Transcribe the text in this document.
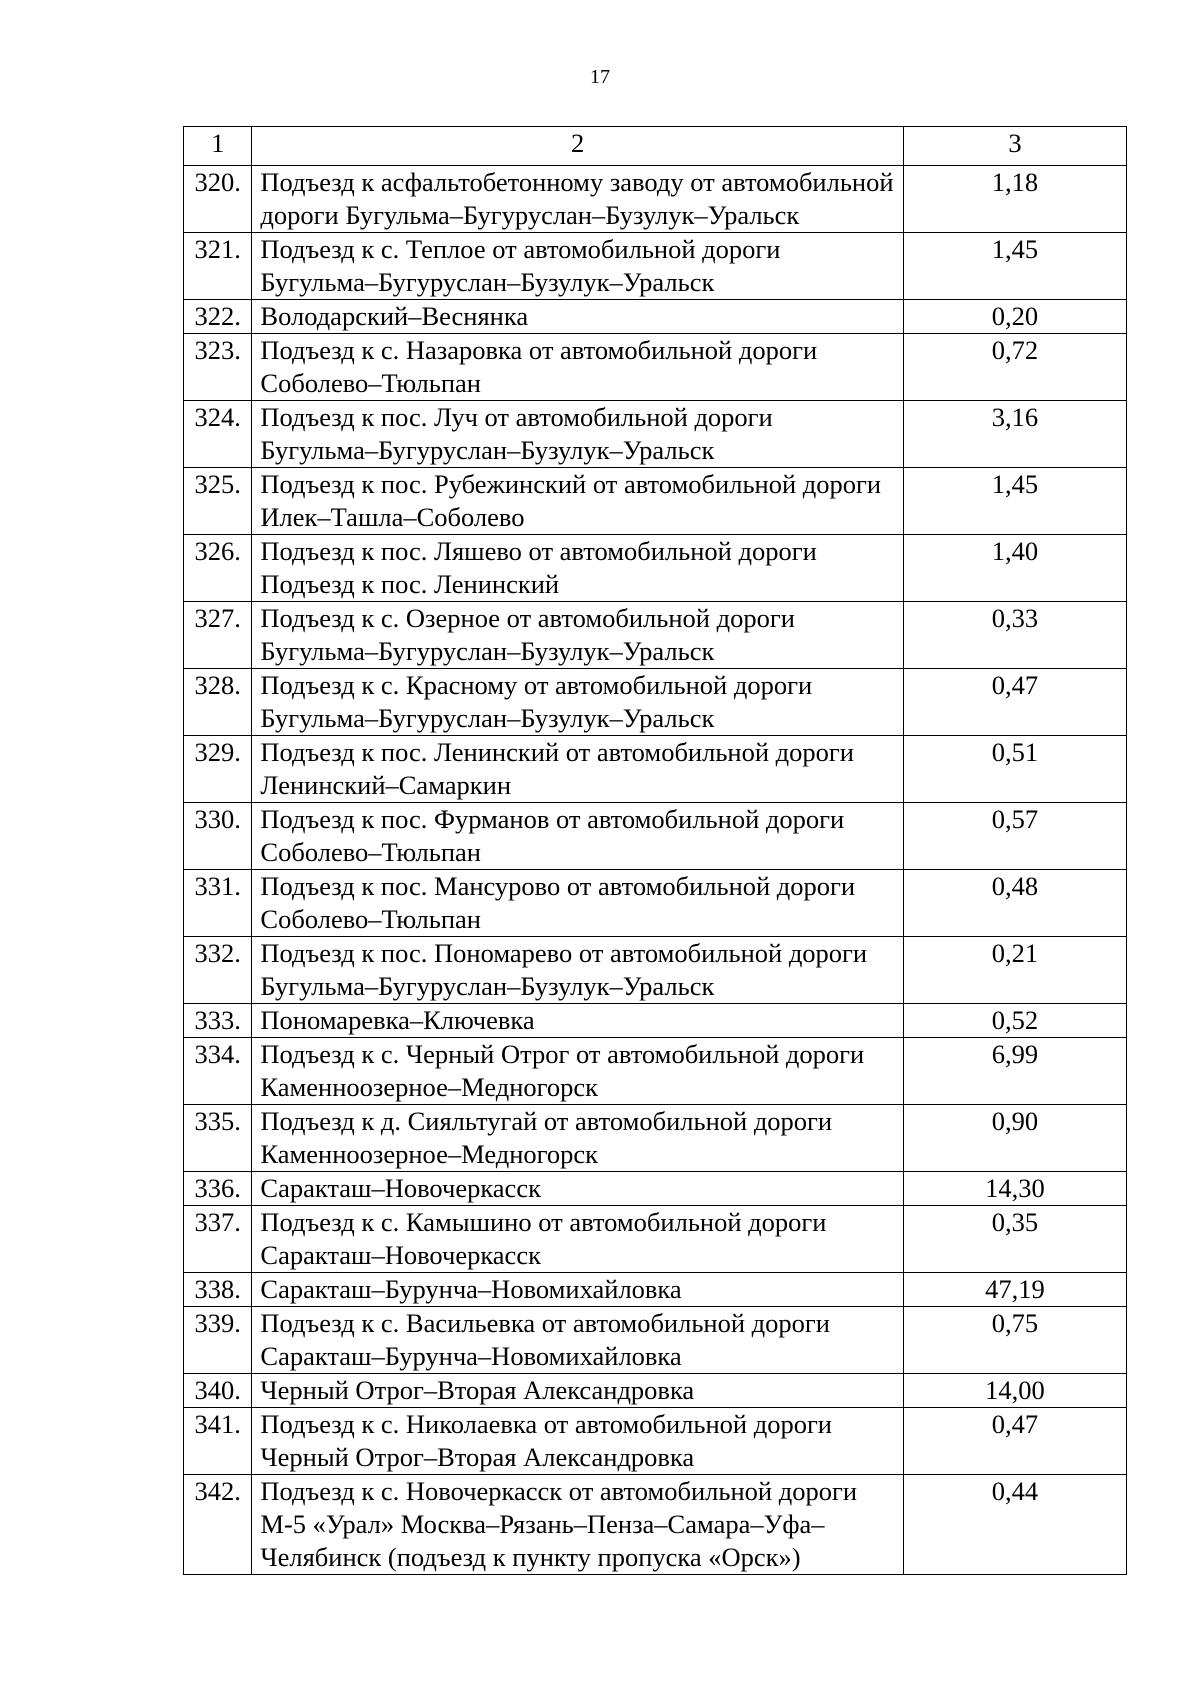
17
1	2	3
320.	Подъезд к асфальтобетонному заводу от автомобильной дороги Бугульма–Бугуруслан–Бузулук–Уральск	1,18
321.	Подъезд к с. Теплое от автомобильной дороги Бугульма–Бугуруслан–Бузулук–Уральск	1,45
322.	Володарский–Веснянка	0,20
323.	Подъезд к с. Назаровка от автомобильной дороги Соболево–Тюльпан	0,72
324.	Подъезд к пос. Луч от автомобильной дороги Бугульма–Бугуруслан–Бузулук–Уральск	3,16
325.	Подъезд к пос. Рубежинский от автомобильной дороги Илек–Ташла–Соболево	1,45
326.	Подъезд к пос. Ляшево от автомобильной дороги Подъезд к пос. Ленинский	1,40
327.	Подъезд к с. Озерное от автомобильной дороги Бугульма–Бугуруслан–Бузулук–Уральск	0,33
328.	Подъезд к с. Красному от автомобильной дороги Бугульма–Бугуруслан–Бузулук–Уральск	0,47
329.	Подъезд к пос. Ленинский от автомобильной дороги Ленинский–Самаркин	0,51
330.	Подъезд к пос. Фурманов от автомобильной дороги Соболево–Тюльпан	0,57
331.	Подъезд к пос. Мансурово от автомобильной дороги Соболево–Тюльпан	0,48
332.	Подъезд к пос. Пономарево от автомобильной дороги Бугульма–Бугуруслан–Бузулук–Уральск	0,21
333.	Пономаревка–Ключевка	0,52
334.	Подъезд к с. Черный Отрог от автомобильной дороги Каменноозерное–Медногорск	6,99
335.	Подъезд к д. Сияльтугай от автомобильной дороги Каменноозерное–Медногорск	0,90
336.	Саракташ–Новочеркасск	14,30
337.	Подъезд к с. Камышино от автомобильной дороги Саракташ–Новочеркасск	0,35
338.	Саракташ–Бурунча–Новомихайловка	47,19
339.	Подъезд к с. Васильевка от автомобильной дороги Саракташ–Бурунча–Новомихайловка	0,75
340.	Черный Отрог–Вторая Александровка	14,00
341.	Подъезд к с. Николаевка от автомобильной дороги Черный Отрог–Вторая Александровка	0,47
342.	Подъезд к с. Новочеркасск от автомобильной дороги М-5 «Урал» Москва–Рязань–Пенза–Самара–Уфа–Челябинск (подъезд к пункту пропуска «Орск»)	0,44
